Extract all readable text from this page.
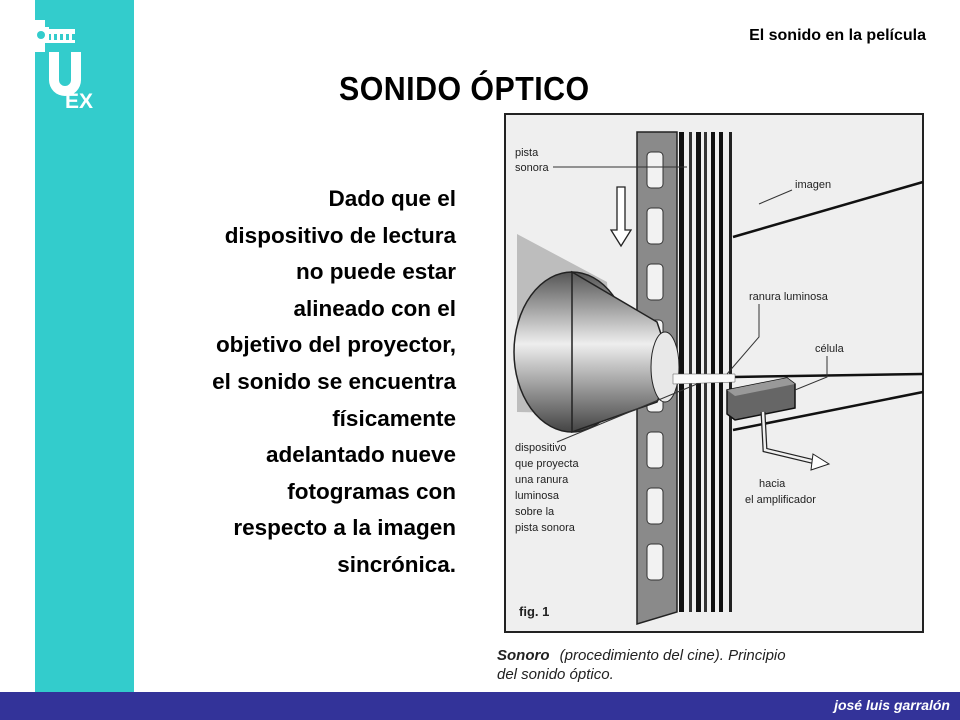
EX
El sonido en la película
SONIDO ÓPTICO
Dado que el
dispositivo de lectura
no puede estar
alineado con el
objetivo del proyector,
el sonido se encuentra
físicamente
adelantado nueve
fotogramas con
respecto a la imagen
sincrónica.
pista
sonora
imagen
ranura luminosa
célula
dispositivo
que proyecta
una ranura
luminosa
sobre la
pista sonora
hacia
el amplificador
fig. 1
Sonoro (procedimiento del cine). Principio
del sonido óptico.
josé luis garralón
